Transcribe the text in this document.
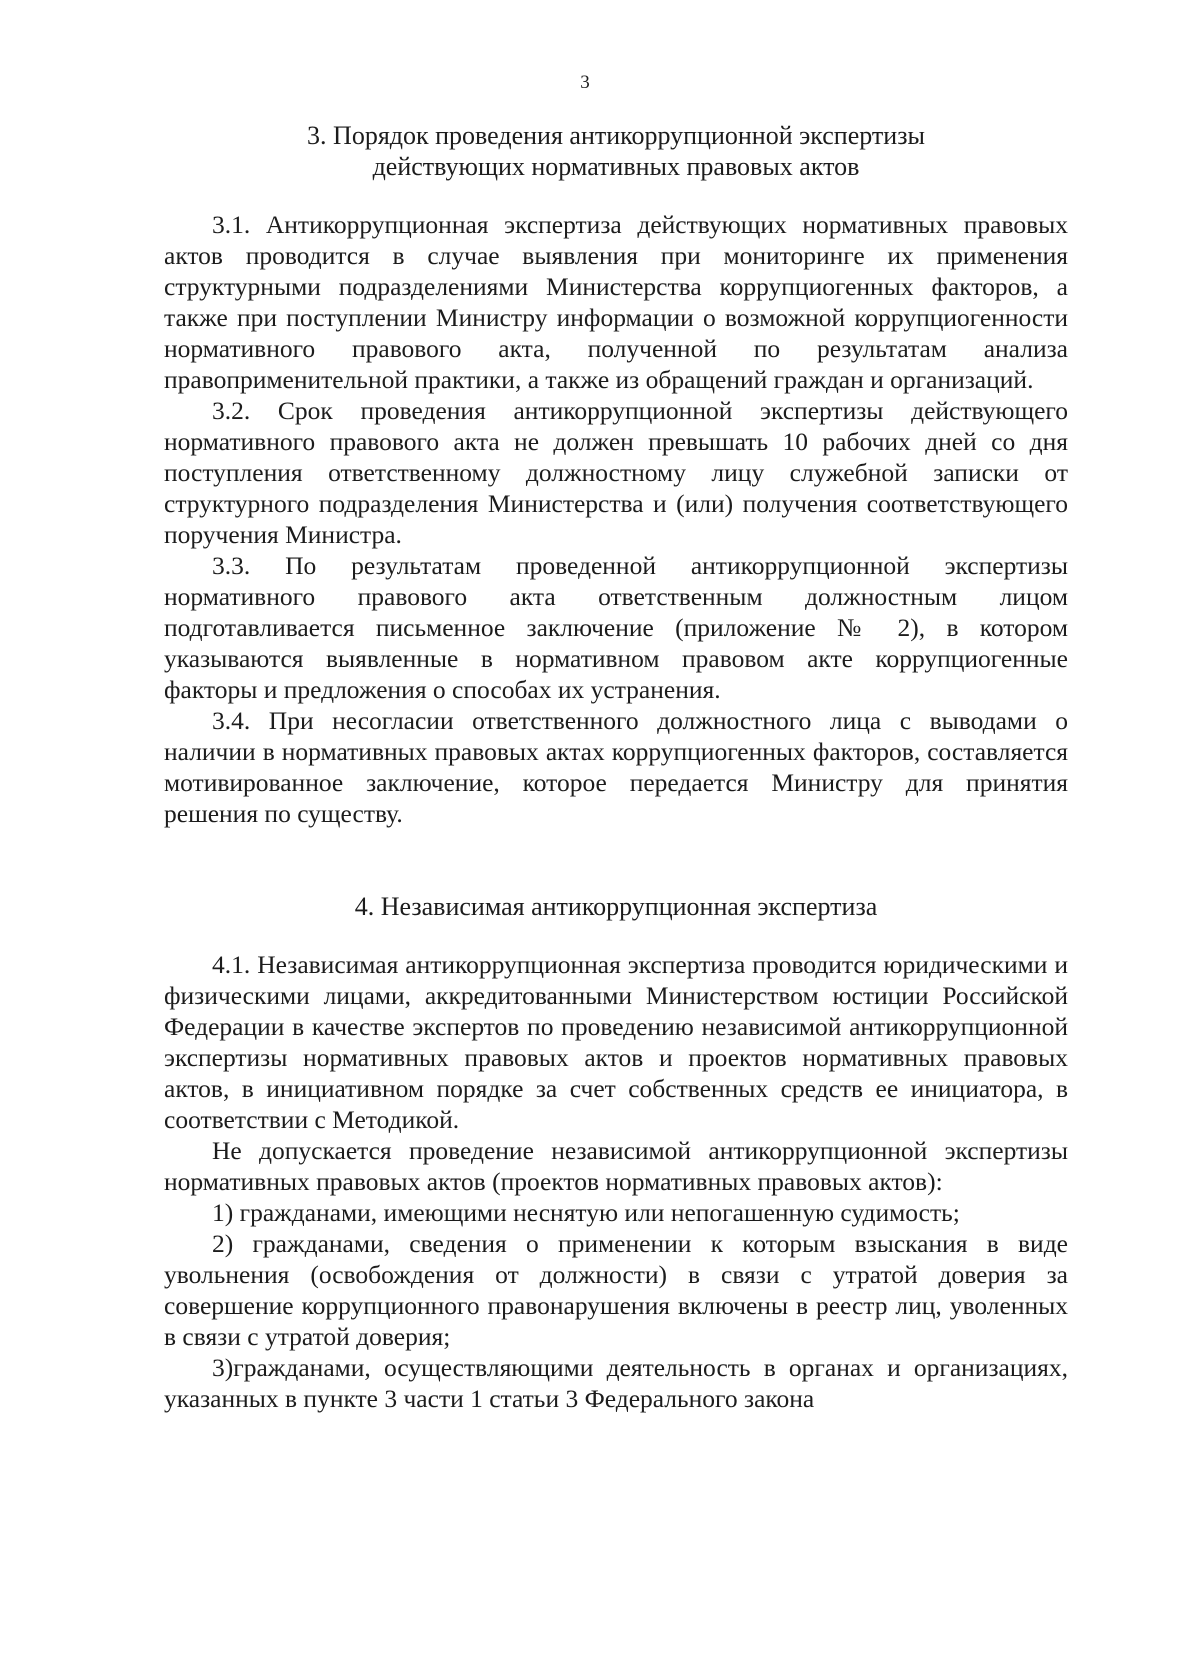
3
3. Порядок проведения антикоррупционной экспертизы
действующих нормативных правовых актов

3.1. Антикоррупционная экспертиза действующих нормативных правовых актов проводится в случае выявления при мониторинге их применения структурными подразделениями Министерства коррупциогенных факторов, а также при поступлении Министру информации о возможной коррупциогенности нормативного правового акта, полученной по результатам анализа правоприменительной практики, а также из обращений граждан и организаций.

3.2. Срок проведения антикоррупционной экспертизы действующего нормативного правового акта не должен превышать 10 рабочих дней со дня поступления ответственному должностному лицу служебной записки от структурного подразделения Министерства и (или) получения соответствующего поручения Министра.

3.3. По результатам проведенной антикоррупционной экспертизы нормативного правового акта ответственным должностным лицом подготавливается письменное заключение (приложение № 2), в котором указываются выявленные в нормативном правовом акте коррупциогенные факторы и предложения о способах их устранения.

3.4. При несогласии ответственного должностного лица с выводами о наличии в нормативных правовых актах коррупциогенных факторов, составляется мотивированное заключение, которое передается Министру для принятия решения по существу.

4. Независимая антикоррупционная экспертиза

4.1. Независимая антикоррупционная экспертиза проводится юридическими и физическими лицами, аккредитованными Министерством юстиции Российской Федерации в качестве экспертов по проведению независимой антикоррупционной экспертизы нормативных правовых актов и проектов нормативных правовых актов, в инициативном порядке за счет собственных средств ее инициатора, в соответствии с Методикой.

Не допускается проведение независимой антикоррупционной экспертизы нормативных правовых актов (проектов нормативных правовых актов):

1) гражданами, имеющими неснятую или непогашенную судимость;

2) гражданами, сведения о применении к которым взыскания в виде увольнения (освобождения от должности) в связи с утратой доверия за совершение коррупционного правонарушения включены в реестр лиц, уволенных в связи с утратой доверия;

3)гражданами, осуществляющими деятельность в органах и организациях, указанных в пункте 3 части 1 статьи 3 Федерального закона
